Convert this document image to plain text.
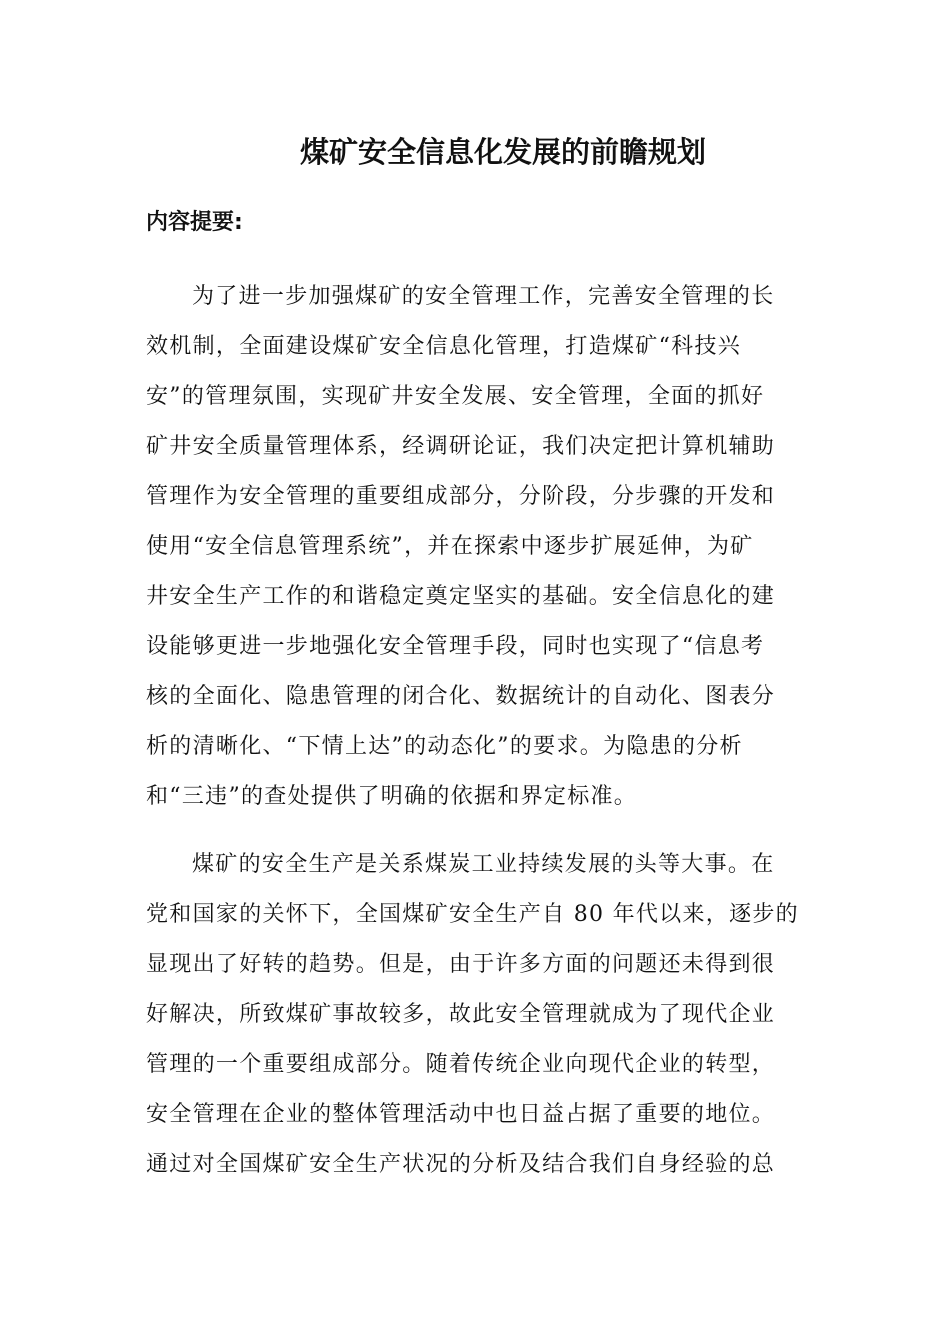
煤矿安全信息化发展的前瞻规划
内容提要:
为了进一步加强煤矿的安全管理工作，完善安全管理的长
效机制，全面建设煤矿安全信息化管理，打造煤矿“科技兴
安”的管理氛围，实现矿井安全发展、安全管理，全面的抓好
矿井安全质量管理体系，经调研论证，我们决定把计算机辅助
管理作为安全管理的重要组成部分，分阶段，分步骤的开发和
使用“安全信息管理系统”，并在探索中逐步扩展延伸，为矿
井安全生产工作的和谐稳定奠定坚实的基础。安全信息化的建
设能够更进一步地强化安全管理手段，同时也实现了“信息考
核的全面化、隐患管理的闭合化、数据统计的自动化、图表分
析的清晰化、“下情上达”的动态化”的要求。为隐患的分析
和“三违”的查处提供了明确的依据和界定标准。
煤矿的安全生产是关系煤炭工业持续发展的头等大事。在
党和国家的关怀下，全国煤矿安全生产自 80 年代以来，逐步的
显现出了好转的趋势。但是，由于许多方面的问题还未得到很
好解决，所致煤矿事故较多，故此安全管理就成为了现代企业
管理的一个重要组成部分。随着传统企业向现代企业的转型，
安全管理在企业的整体管理活动中也日益占据了重要的地位。
通过对全国煤矿安全生产状况的分析及结合我们自身经验的总
